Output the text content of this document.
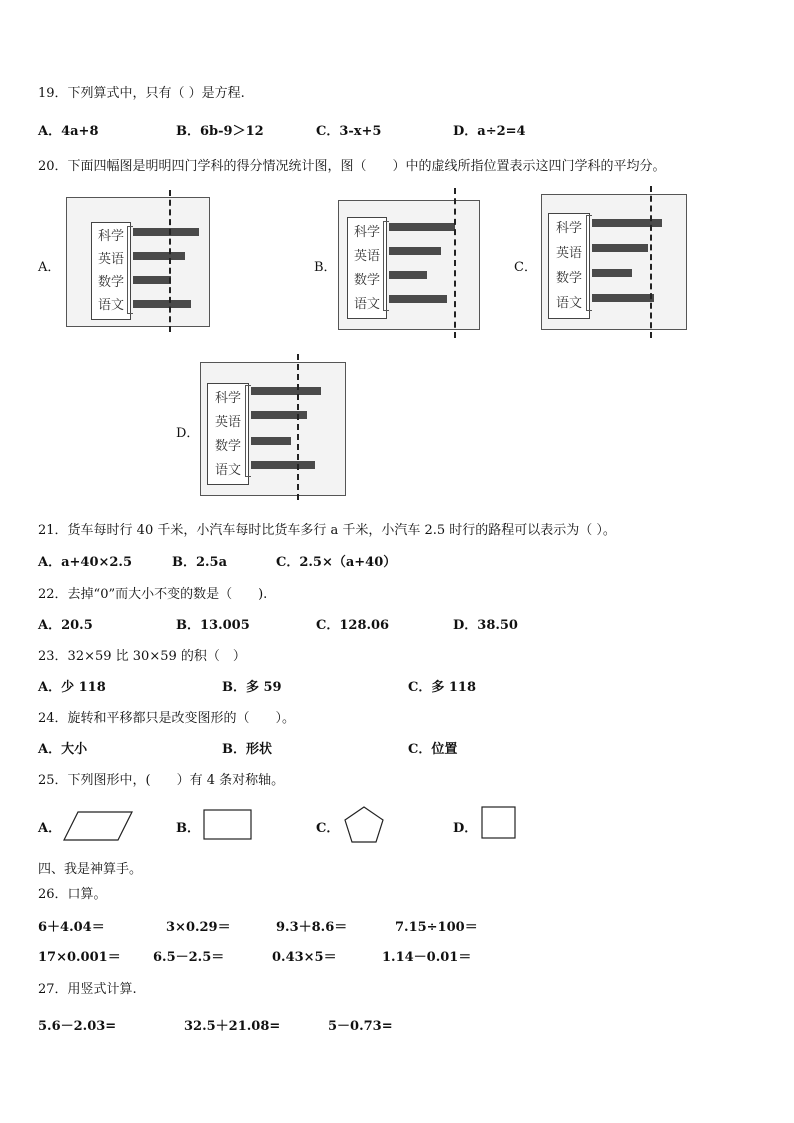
19．下列算式中，只有（ ）是方程.
A．4a+8	B．6b-9＞12	C．3-x+5	D．a÷2=4
20．下面四幅图是明明四门学科的得分情况统计图，图（　　）中的虚线所指位置表示这四门学科的平均分。
A．	B．	C．
D．
科学
英语
数学
语文
科学
英语
数学
语文
科学
英语
数学
语文
科学
英语
数学
语文
21．货车每时行 40 千米，小汽车每时比货车多行 a 千米，小汽车 2.5 时行的路程可以表示为（ ）。
A．a+40×2.5	B．2.5a	C．2.5×（a+40）
22．去掉“0”而大小不变的数是（　　).
A．20.5	B．13.005	C．128.06	D．38.50
23．32×59 比 30×59 的积（　）
A．少 118	B．多 59	C．多 118
24．旋转和平移都只是改变图形的（　　）。
A．大小	B．形状	C．位置
25．下列图形中，(　　）有 4 条对称轴。
A．	B．	C．	D．
四、我是神算手。
26．口算。
6＋4.04＝	3×0.29＝	9.3＋8.6＝	7.15÷100＝
17×0.001＝ 6.5－2.5＝	0.43×5＝	1.14－0.01＝
27．用竖式计算.
5.6－2.03=	32.5＋21.08=	5－0.73=
